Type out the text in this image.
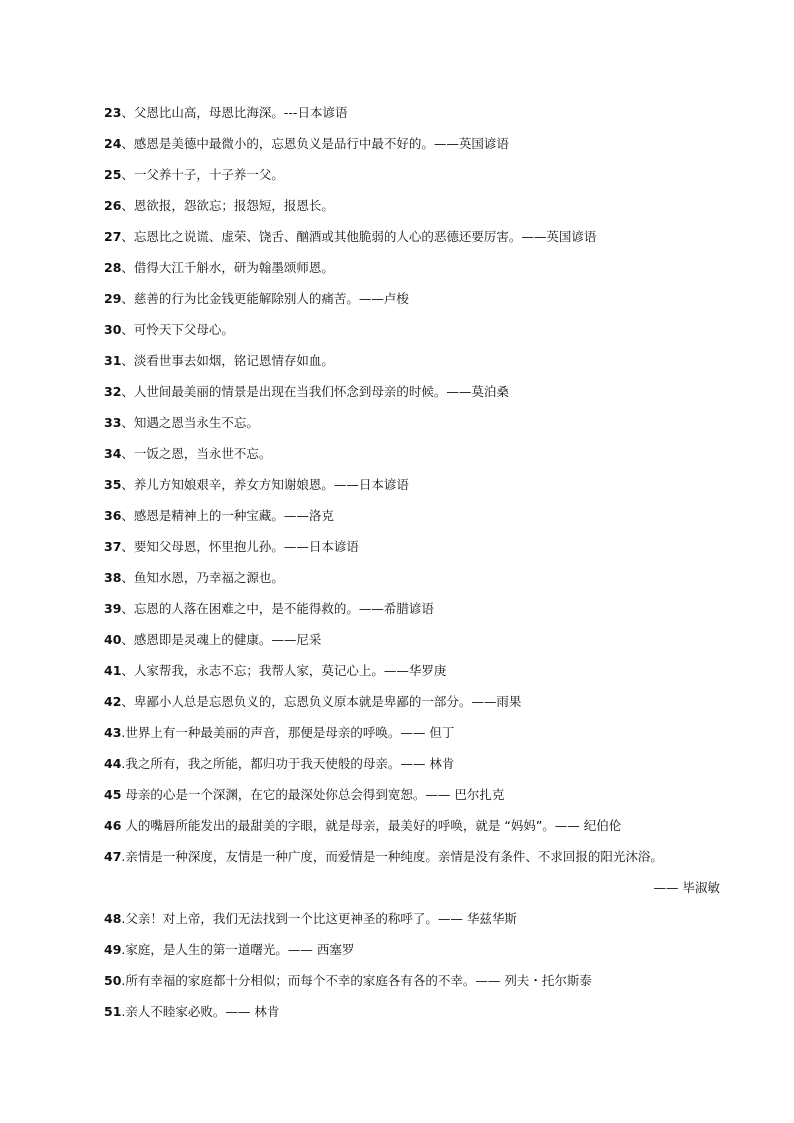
23、父恩比山高，母恩比海深。---日本谚语
24、感恩是美德中最微小的，忘恩负义是品行中最不好的。——英国谚语
25、一父养十子，十子养一父。
26、恩欲报，怨欲忘；报怨短，报恩长。
27、忘恩比之说谎、虚荣、饶舌、酗酒或其他脆弱的人心的恶德还要厉害。——英国谚语
28、借得大江千斛水，研为翰墨颂师恩。
29、慈善的行为比金钱更能解除别人的痛苦。——卢梭
30、可怜天下父母心。
31、淡看世事去如烟，铭记恩情存如血。
32、人世间最美丽的情景是出现在当我们怀念到母亲的时候。——莫泊桑
33、知遇之恩当永生不忘。
34、一饭之恩，当永世不忘。
35、养儿方知娘艰辛，养女方知谢娘恩。——日本谚语
36、感恩是精神上的一种宝藏。——洛克
37、要知父母恩，怀里抱儿孙。——日本谚语
38、鱼知水恩，乃幸福之源也。
39、忘恩的人落在困难之中，是不能得救的。——希腊谚语
40、感恩即是灵魂上的健康。——尼采
41、人家帮我，永志不忘；我帮人家，莫记心上。——华罗庚
42、卑鄙小人总是忘恩负义的，忘恩负义原本就是卑鄙的一部分。——雨果
43.世界上有一种最美丽的声音，那便是母亲的呼唤。—— 但丁
44.我之所有，我之所能，都归功于我天使般的母亲。—— 林肯
45 母亲的心是一个深渊，在它的最深处你总会得到宽恕。—— 巴尔扎克
46 人的嘴唇所能发出的最甜美的字眼，就是母亲，最美好的呼唤，就是 “妈妈”。—— 纪伯伦
47.亲情是一种深度，友情是一种广度，而爱情是一种纯度。亲情是没有条件、不求回报的阳光沐浴。
—— 毕淑敏
48.父亲！对上帝，我们无法找到一个比这更神圣的称呼了。—— 华兹华斯
49.家庭，是人生的第一道曙光。—— 西塞罗
50.所有幸福的家庭都十分相似；而每个不幸的家庭各有各的不幸。—— 列夫・托尔斯泰
51.亲人不睦家必败。—— 林肯
